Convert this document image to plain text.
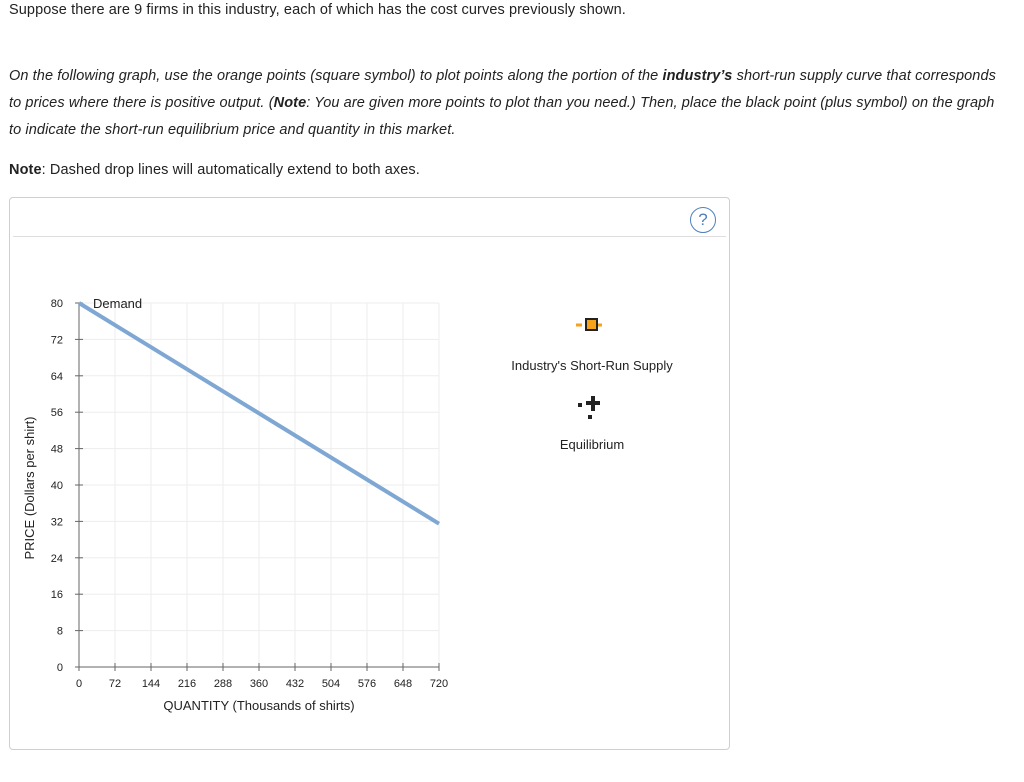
Suppose there are 9 firms in this industry, each of which has the cost curves previously shown.

On the following graph, use the orange points (square symbol) to plot points along the portion of the industry’s short-run supply curve that corresponds to prices where there is positive output. (Note: You are given more points to plot than you need.) Then, place the black point (plus symbol) on the graph to indicate the short-run equilibrium price and quantity in this market.

Note: Dashed drop lines will automatically extend to both axes.

?
0 72 144 216 288 360 432 504 576 648 720
0
8
16
24
32
40
48
56
64
72
80 Demand
QUANTITY (Thousands of shirts)
PRICE (Dollars per shirt)
Industry's Short-Run Supply
Equilibrium
